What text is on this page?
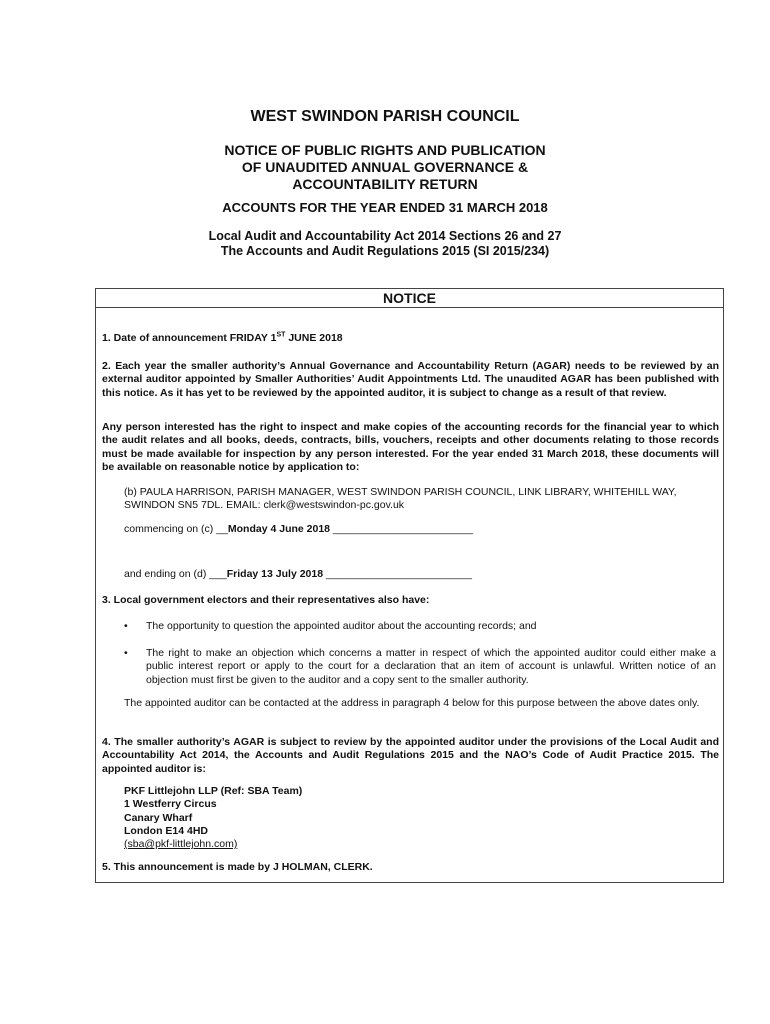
WEST SWINDON PARISH COUNCIL
NOTICE OF PUBLIC RIGHTS AND PUBLICATION
OF UNAUDITED ANNUAL GOVERNANCE &
ACCOUNTABILITY RETURN
ACCOUNTS FOR THE YEAR ENDED 31 MARCH 2018
Local Audit and Accountability Act 2014 Sections 26 and 27
The Accounts and Audit Regulations 2015 (SI 2015/234)
NOTICE
1. Date of announcement FRIDAY 1ST JUNE 2018
2. Each year the smaller authority’s Annual Governance and Accountability Return (AGAR) needs to be reviewed by an external auditor appointed by Smaller Authorities’ Audit Appointments Ltd. The unaudited AGAR has been published with this notice. As it has yet to be reviewed by the appointed auditor, it is subject to change as a result of that review.
Any person interested has the right to inspect and make copies of the accounting records for the financial year to which the audit relates and all books, deeds, contracts, bills, vouchers, receipts and other documents relating to those records must be made available for inspection by any person interested. For the year ended 31 March 2018, these documents will be available on reasonable notice by application to:
(b) PAULA HARRISON, PARISH MANAGER, WEST SWINDON PARISH COUNCIL, LINK LIBRARY, WHITEHILL WAY, SWINDON SN5 7DL. EMAIL: clerk@westswindon-pc.gov.uk
commencing on (c) __Monday 4 June 2018 ________________________
and ending on (d) ___Friday 13 July 2018 _________________________
3. Local government electors and their representatives also have:
•	The opportunity to question the appointed auditor about the accounting records; and
•	The right to make an objection which concerns a matter in respect of which the appointed auditor could either make a public interest report or apply to the court for a declaration that an item of account is unlawful. Written notice of an objection must first be given to the auditor and a copy sent to the smaller authority.
The appointed auditor can be contacted at the address in paragraph 4 below for this purpose between the above dates only.
4. The smaller authority’s AGAR is subject to review by the appointed auditor under the provisions of the Local Audit and Accountability Act 2014, the Accounts and Audit Regulations 2015 and the NAO’s Code of Audit Practice 2015. The appointed auditor is:
PKF Littlejohn LLP (Ref: SBA Team)
1 Westferry Circus
Canary Wharf
London E14 4HD
(sba@pkf-littlejohn.com)
5. This announcement is made by J HOLMAN, CLERK.
